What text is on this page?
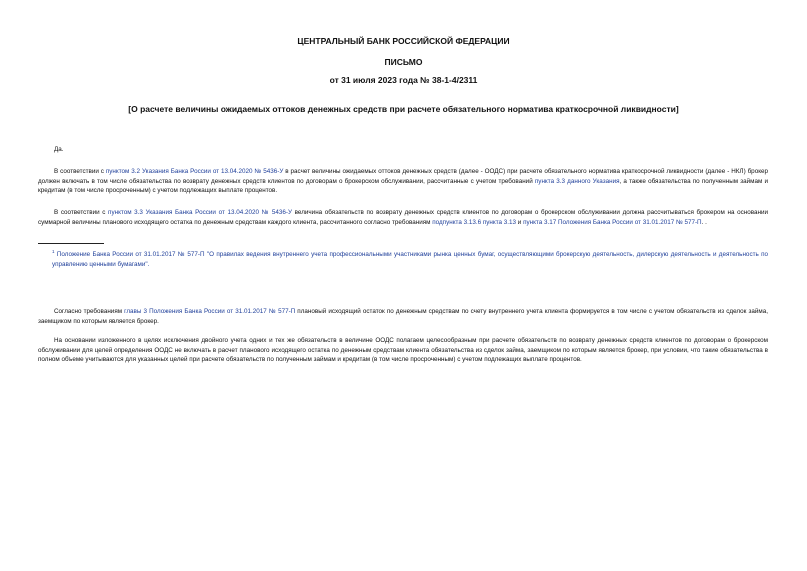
ЦЕНТРАЛЬНЫЙ БАНК РОССИЙСКОЙ ФЕДЕРАЦИИ
ПИСЬМО
от 31 июля 2023 года № 38-1-4/2311
[О расчете величины ожидаемых оттоков денежных средств при расчете обязательного норматива краткосрочной ликвидности]
Да.
В соответствии с пунктом 3.2 Указания Банка России от 13.04.2020 № 5436-У в расчет величины ожидаемых оттоков денежных средств (далее - ООДС) при расчете обязательного норматива краткосрочной ликвидности (далее - НКЛ) брокер должен включать в том числе обязательства по возврату денежных средств клиентов по договорам о брокерском обслуживании, рассчитанные с учетом требований пункта 3.3 данного Указания, а также обязательства по полученным займам и кредитам (в том числе просроченным) с учетом подлежащих выплате процентов.
В соответствии с пунктом 3.3 Указания Банка России от 13.04.2020 № 5436-У величина обязательств по возврату денежных средств клиентов по договорам о брокерском обслуживании должна рассчитываться брокером на основании суммарной величины планового исходящего остатка по денежным средствам каждого клиента, рассчитанного согласно требованиям подпункта 3.13.6 пункта 3.13 и пункта 3.17 Положения Банка России от 31.01.2017 № 577-П. .
$^1$ Положение Банка России от 31.01.2017 № 577-П "О правилах ведения внутреннего учета профессиональными участниками рынка ценных бумаг, осуществляющими брокерскую деятельность, дилерскую деятельность и деятельность по управлению ценными бумагами".
Согласно требованиям главы 3 Положения Банка России от 31.01.2017 № 577-П плановый исходящий остаток по денежным средствам по счету внутреннего учета клиента формируется в том числе с учетом обязательств из сделок займа, заемщиком по которым является брокер.
На основании изложенного в целях исключения двойного учета одних и тех же обязательств в величине ООДС полагаем целесообразным при расчете обязательств по возврату денежных средств клиентов по договорам о брокерском обслуживании для целей определения ООДС не включать в расчет планового исходящего остатка по денежным средствам клиента обязательства из сделок займа, заемщиком по которым является брокер, при условии, что такие обязательства в полном объеме учитываются для указанных целей при расчете обязательств по полученным займам и кредитам (в том числе просроченным) с учетом подлежащих выплате процентов.
